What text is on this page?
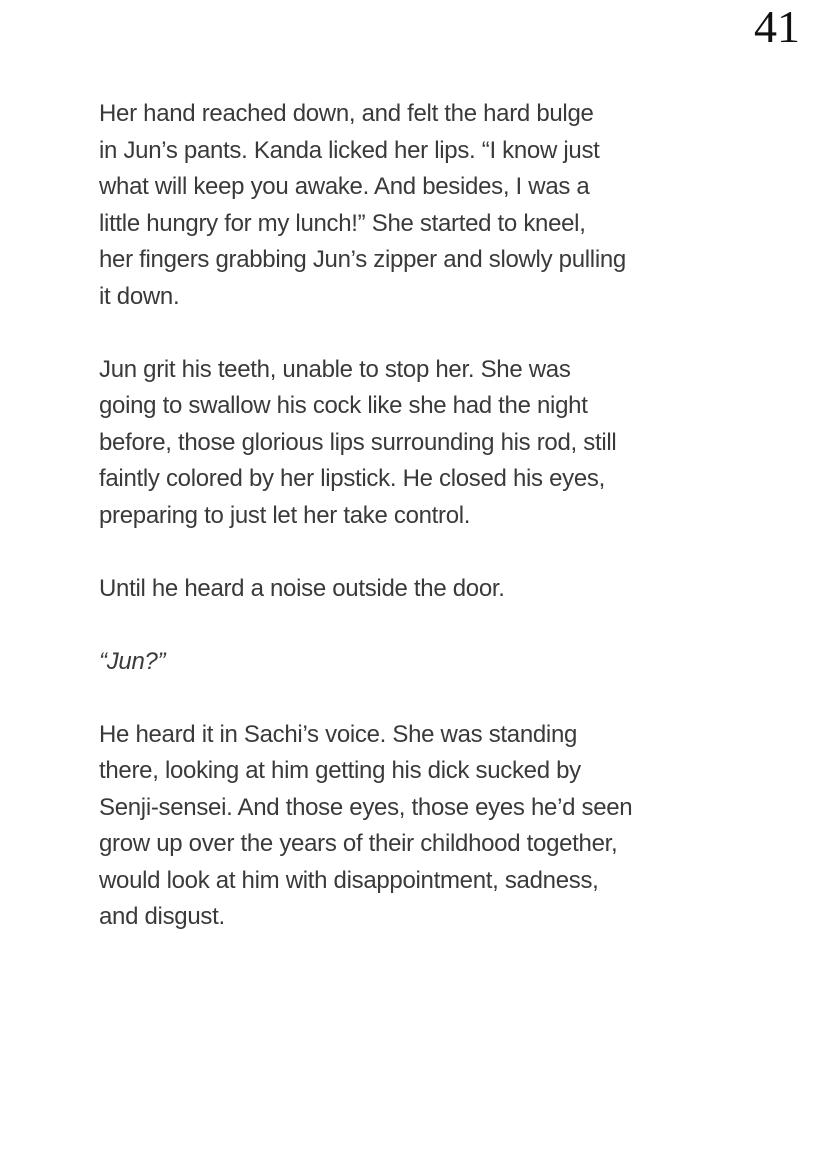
41
Her hand reached down, and felt the hard bulge
in Jun’s pants. Kanda licked her lips. “I know just
what will keep you awake. And besides, I was a
little hungry for my lunch!” She started to kneel,
her fingers grabbing Jun’s zipper and slowly pulling
it down.
Jun grit his teeth, unable to stop her. She was
going to swallow his cock like she had the night
before, those glorious lips surrounding his rod, still
faintly colored by her lipstick. He closed his eyes,
preparing to just let her take control.
Until he heard a noise outside the door.
“Jun?”
He heard it in Sachi’s voice. She was standing
there, looking at him getting his dick sucked by
Senji-sensei. And those eyes, those eyes he’d seen
grow up over the years of their childhood together,
would look at him with disappointment, sadness,
and disgust.
